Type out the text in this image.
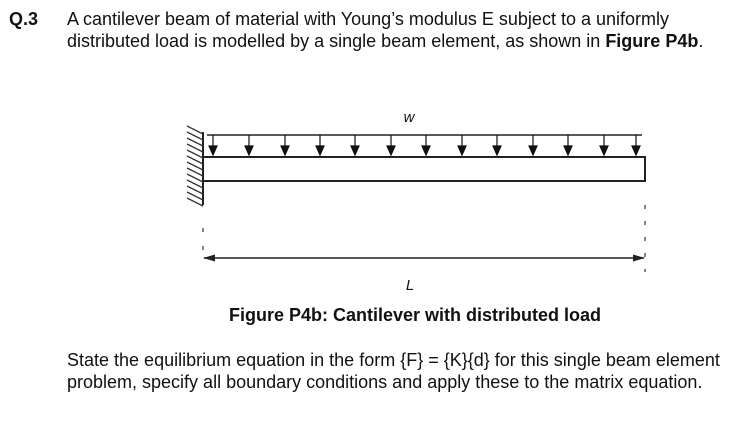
Q.3 A cantilever beam of material with Young’s modulus E subject to a uniformly distributed load is modelled by a single beam element, as shown in Figure P4b.

w
L
Figure P4b: Cantilever with distributed load

State the equilibrium equation in the form {F} = {K}{d} for this single beam element problem, specify all boundary conditions and apply these to the matrix equation.
